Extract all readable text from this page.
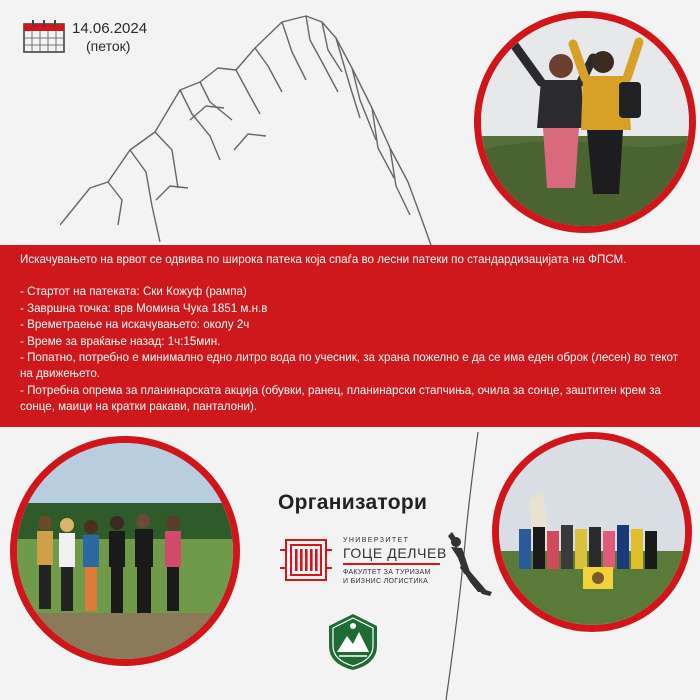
14.06.2024
(петок)

Искачувањето на врвот се одвива по широка патека која спаѓа во лесни патеки по стандардизацијата на ФПСМ.

- Стартот на патеката: Ски Кожуф (рампа)

- Завршна точка: врв Момина Чука 1851 м.н.в

- Времетраење на искачувањето: околу 2ч

- Време за враќање назад: 1ч:15мин.

- Попатно, потребно е минимално едно литро вода по учесник, за храна пожелно е да се има еден оброк (лесен) во текот на движењето.

- Потребна опрема за планинарската акција (обувки, ранец, планинарски стапчиња, очила за сонце, заштитен крем за сонце, маици на кратки ракави, панталони).

Организатори
УНИВЕРЗИТЕТ
ГОЦЕ ДЕЛЧЕВ
ФАКУЛТЕТ ЗА ТУРИЗАМ
И БИЗНИС ЛОГИСТИКА
